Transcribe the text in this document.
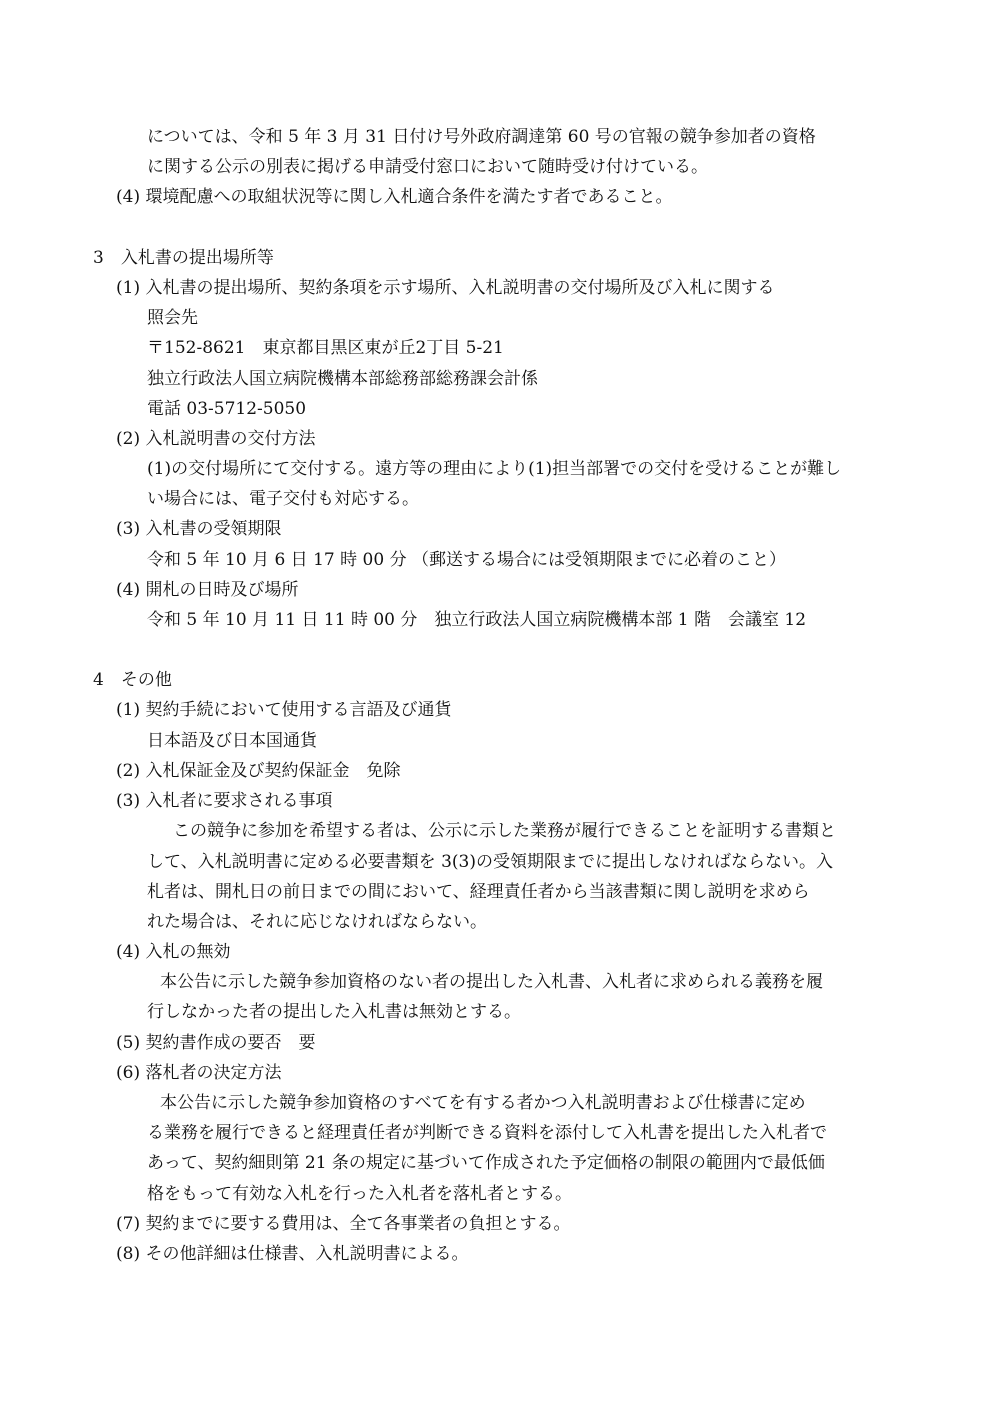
については、令和 5 年 3 月 31 日付け号外政府調達第 60 号の官報の競争参加者の資格
に関する公示の別表に掲げる申請受付窓口において随時受け付けている。
(4) 環境配慮への取組状況等に関し入札適合条件を満たす者であること。
3　入札書の提出場所等
(1) 入札書の提出場所、契約条項を示す場所、入札説明書の交付場所及び入札に関する
照会先
〒152-8621　東京都目黒区東が丘2丁目 5-21
独立行政法人国立病院機構本部総務部総務課会計係
電話 03-5712-5050
(2) 入札説明書の交付方法
(1)の交付場所にて交付する。遠方等の理由により(1)担当部署での交付を受けることが難し
い場合には、電子交付も対応する。
(3) 入札書の受領期限
令和 5 年 10 月 6 日 17 時 00 分 （郵送する場合には受領期限までに必着のこと）
(4) 開札の日時及び場所
令和 5 年 10 月 11 日 11 時 00 分　独立行政法人国立病院機構本部 1 階　会議室 12
4　その他
(1) 契約手続において使用する言語及び通貨
日本語及び日本国通貨
(2) 入札保証金及び契約保証金　免除
(3) 入札者に要求される事項
この競争に参加を希望する者は、公示に示した業務が履行できることを証明する書類と
して、入札説明書に定める必要書類を 3(3)の受領期限までに提出しなければならない。入
札者は、開札日の前日までの間において、経理責任者から当該書類に関し説明を求めら
れた場合は、それに応じなければならない。
(4) 入札の無効
本公告に示した競争参加資格のない者の提出した入札書、入札者に求められる義務を履
行しなかった者の提出した入札書は無効とする。
(5) 契約書作成の要否　要
(6) 落札者の決定方法
本公告に示した競争参加資格のすべてを有する者かつ入札説明書および仕様書に定め
る業務を履行できると経理責任者が判断できる資料を添付して入札書を提出した入札者で
あって、契約細則第 21 条の規定に基づいて作成された予定価格の制限の範囲内で最低価
格をもって有効な入札を行った入札者を落札者とする。
(7) 契約までに要する費用は、全て各事業者の負担とする。
(8) その他詳細は仕様書、入札説明書による。
